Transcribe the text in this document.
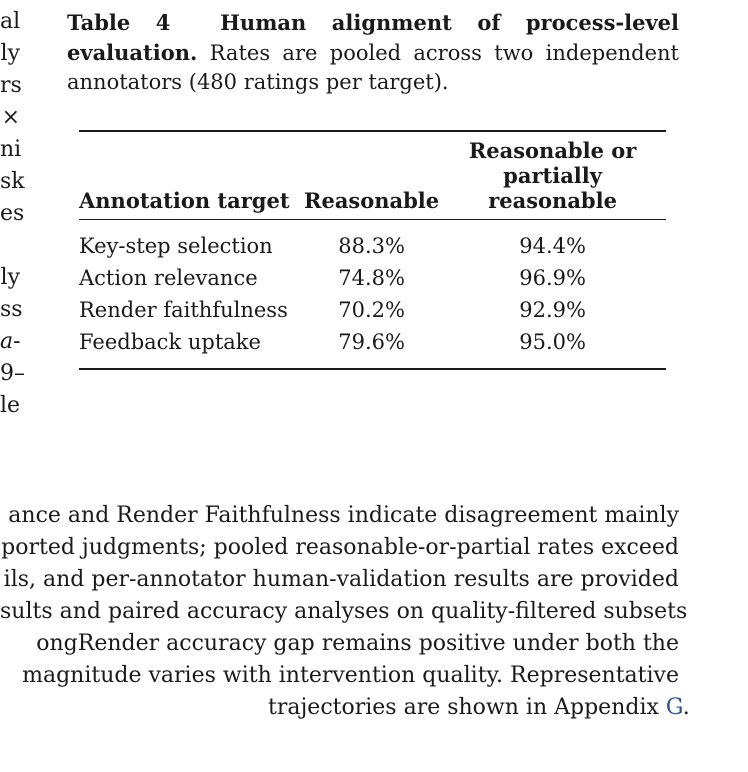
al
ly
rs
×
ni
sk
es
ly
ss
a-
9–
le
Table 4 Human alignment of process-level evaluation. Rates are pooled across two independent annotators (480 ratings per target).
Annotation target	Reasonable	Reasonable or
partially reasonable
Key-step selection	88.3%	94.4%
Action relevance	74.8%	96.9%
Render faithfulness	70.2%	92.9%
Feedback uptake	79.6%	95.0%
ance and Render Faithfulness indicate disagreement mainly
ported judgments; pooled reasonable-or-partial rates exceed
ils, and per-annotator human-validation results are provided
sults and paired accuracy analyses on quality-filtered subsets
ongRender accuracy gap remains positive under both the
magnitude varies with intervention quality. Representative
trajectories are shown in Appendix G.
